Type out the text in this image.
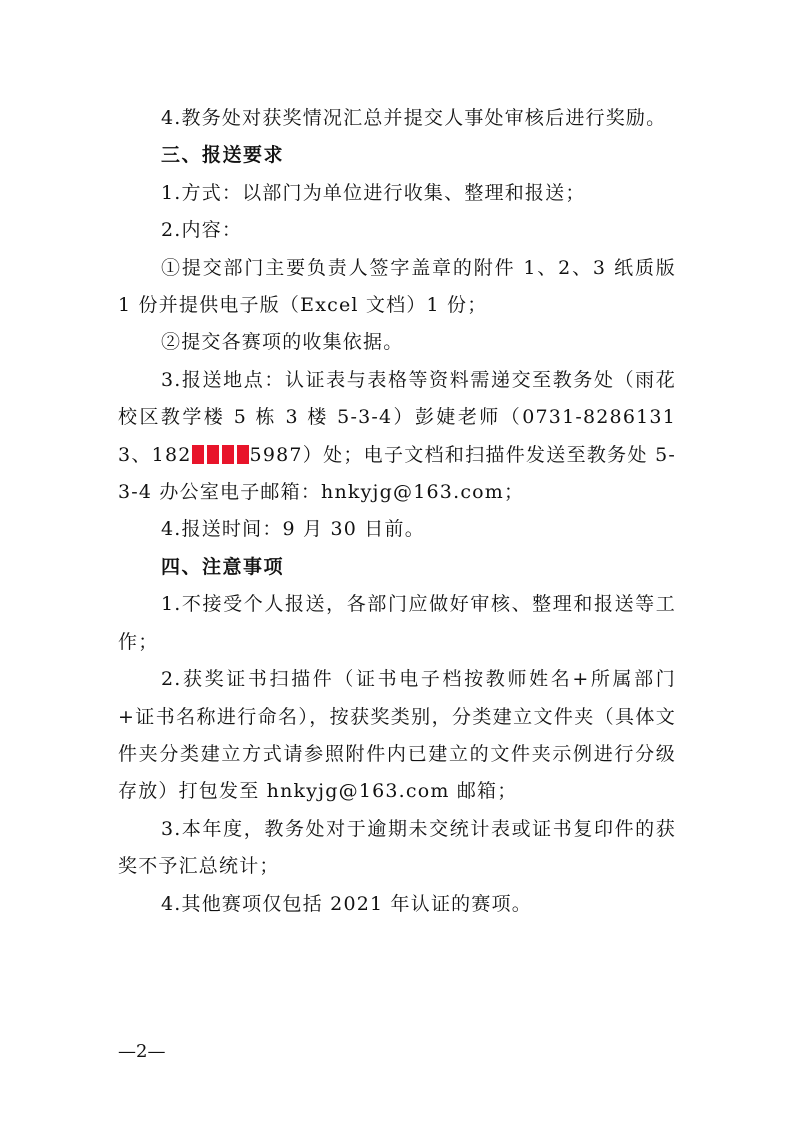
4.教务处对获奖情况汇总并提交人事处审核后进行奖励。

三、报送要求

1.方式：以部门为单位进行收集、整理和报送；

2.内容：

①提交部门主要负责人签字盖章的附件 1、2、3 纸质版 1 份并提供电子版（Excel 文档）1 份；

②提交各赛项的收集依据。

3.报送地点：认证表与表格等资料需递交至教务处（雨花校区教学楼 5 栋 3 楼 5-3-4）彭婕老师（0731-82861313、182	5987）处；电子文档和扫描件发送至教务处 5-3-4 办公室电子邮箱：hnkyjg@163.com；

4.报送时间：9 月 30 日前。

四、注意事项

1.不接受个人报送，各部门应做好审核、整理和报送等工作；

2.获奖证书扫描件（证书电子档按教师姓名+所属部门+证书名称进行命名），按获奖类别，分类建立文件夹（具体文件夹分类建立方式请参照附件内已建立的文件夹示例进行分级存放）打包发至 hnkyjg@163.com 邮箱；

3.本年度，教务处对于逾期未交统计表或证书复印件的获奖不予汇总统计；

4.其他赛项仅包括 2021 年认证的赛项。

—2—
